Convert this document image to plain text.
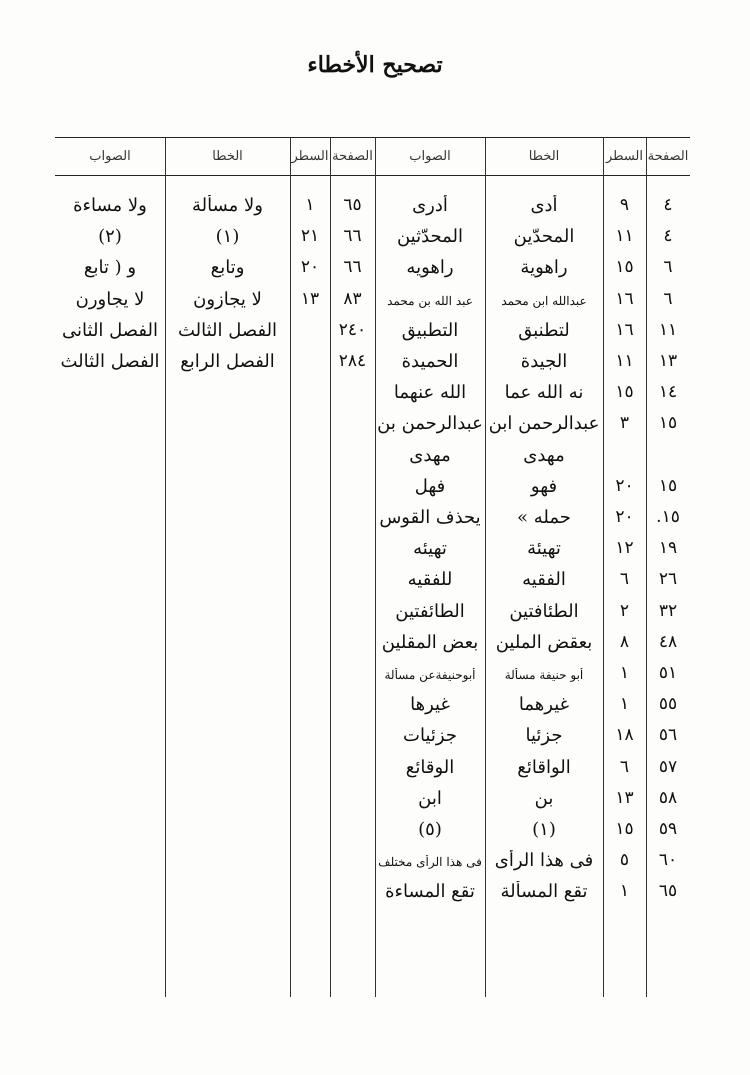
تصحيح الأخطاء
الصفحة
السطر
الخطأ
الصواب
الصفحة
السطر
الخطأ
الصواب
٤
٩
أدى
أدرى
٤
١١
المحدّين
المحدّثين
٦
١٥
راهوية
راهويه
٦
١٦
عبدالله ابن محمد
عبد الله بن محمد
١١
١٦
لتطنبق
التطبيق
١٣
١١
الجيدة
الحميدة
١٤
١٥
نه الله عما
الله عنهما
١٥
٣
عبدالرحمن ابن
عبدالرحمن بن
مهدى
مهدى
١٥
٢٠
فهو
فهل
١٥.
٢٠
حمله »
يحذف القوس
١٩
١٢
تهيئة
تهيئه
٢٦
٦
الفقيه
للفقيه
٣٢
٢
الطئافتين
الطائفتين
٤٨
٨
بعقض الملين
بعض المقلين
٥١
١
أبو حنيفة مسألة
أبوحنيفةعن مسألة
٥٥
١
غيرهما
غيرها
٥٦
١٨
جزئيا
جزئيات
٥٧
٦
الواقائع
الوقائع
٥٨
١٣
بن
ابن
٥٩
١٥
(١)
(٥)
٦٠
٥
فى هذا الرأى
فى هذا الرأى مختلف
٦٥
١
تقع المسألة
تقع المساءة
٦٥
١
ولا مسألة
ولا مساءة
٦٦
٢١
(١)
(٢)
٦٦
٢٠
وتابع
و ( تابع
٨٣
١٣
لا يجازون
لا يجاورن
٢٤٠
الفصل الثالث
الفصل الثانى
٢٨٤
الفصل الرابع
الفصل الثالث
